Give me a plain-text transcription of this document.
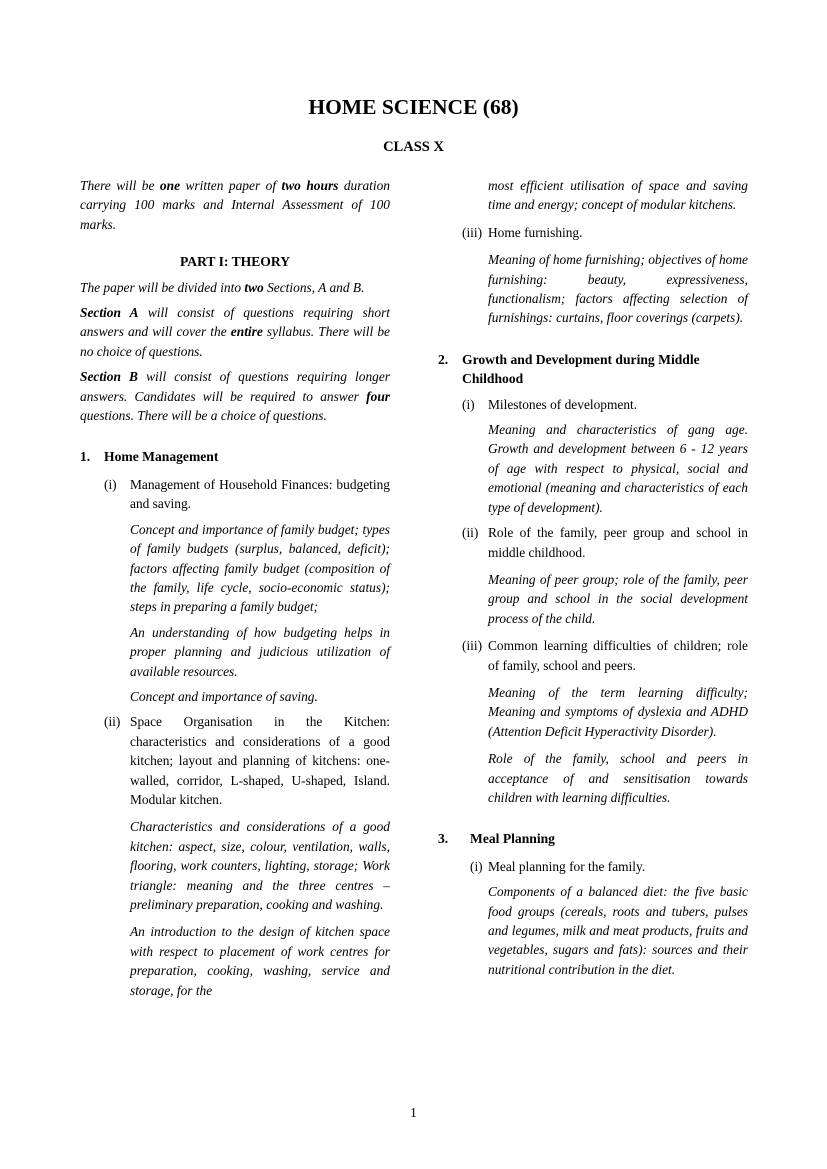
HOME SCIENCE (68)
CLASS X

There will be one written paper of two hours duration carrying 100 marks and Internal Assessment of 100 marks.

PART I: THEORY

The paper will be divided into two Sections, A and B.

Section A will consist of questions requiring short answers and will cover the entire syllabus. There will be no choice of questions.

Section B will consist of questions requiring longer answers. Candidates will be required to answer four questions. There will be a choice of questions.

1.	Home Management
(i) Management of Household Finances: budgeting and saving.

Concept and importance of family budget; types of family budgets (surplus, balanced, deficit); factors affecting family budget (composition of the family, life cycle, socio-economic status); steps in preparing a family budget;

An understanding of how budgeting helps in proper planning and judicious utilization of available resources.

Concept and importance of saving.

(ii) Space Organisation in the Kitchen: characteristics and considerations of a good kitchen; layout and planning of kitchens: one-walled, corridor, L-shaped, U-shaped, Island. Modular kitchen.

Characteristics and considerations of a good kitchen: aspect, size, colour, ventilation, walls, flooring, work counters, lighting, storage; Work triangle: meaning and the three centres – preliminary preparation, cooking and washing.

An introduction to the design of kitchen space with respect to placement of work centres for preparation, cooking, washing, service and storage, for the

most efficient utilisation of space and saving time and energy; concept of modular kitchens.

(iii) Home furnishing.

Meaning of home furnishing; objectives of home furnishing: beauty, expressiveness, functionalism; factors affecting selection of furnishings: curtains, floor coverings (carpets).

2.	Growth and Development during Middle Childhood
(i) Milestones of development.

Meaning and characteristics of gang age. Growth and development between 6 - 12 years of age with respect to physical, social and emotional (meaning and characteristics of each type of development).

(ii) Role of the family, peer group and school in middle childhood.

Meaning of peer group; role of the family, peer group and school in the social development process of the child.

(iii) Common learning difficulties of children; role of family, school and peers.

Meaning of the term learning difficulty; Meaning and symptoms of dyslexia and ADHD (Attention Deficit Hyperactivity Disorder).

Role of the family, school and peers in acceptance of and sensitisation towards children with learning difficulties.

3.	Meal Planning
(i) Meal planning for the family.

Components of a balanced diet: the five basic food groups (cereals, roots and tubers, pulses and legumes, milk and meat products, fruits and vegetables, sugars and fats): sources and their nutritional contribution in the diet.

1
